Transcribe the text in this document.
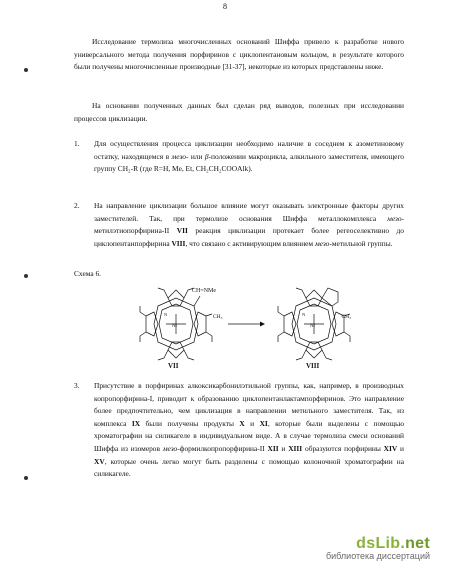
8

Исследование термолиза многочисленных оснований Шиффа привело к разработке нового универсального метода получения порфиринов с циклопентановым кольцом, в результате которого были получены многочисленные производные [31-37], некоторые из которых представлены ниже.

На основании полученных данных был сделан ряд выводов, полезных при исследовании процессов циклизации.

1. Для осуществления процесса циклизации необходимо наличие в соседнем к азометиновому остатку, находящемся в мезо- или β-положении макроцикла, алкильного заместителя, имеющего группу CH₂-R (где R=H, Me, Et, CH₂CH₂COOAlk).
2. На направление циклизации большое влияние могут оказывать электронные факторы других заместителей. Так, при термолизе основания Шиффа металлокомплекса мезо-метилэтиопорфирина-II VII реакция циклизации протекает более регеоселективно до циклопентанпорфирина VIII, что связано с активирующим влиянием мезо-метильной группы.
Схема 6.
CH=NMe
CH₃
Ni
N
VII
CH₃
Ni
N
VIII
3. Присутствие в порфиринах алкоксикарбонилэтильной группы, как, например, в производных копропорфирина-I, приводит к образованию циклопентанлактампорфиринов. Это направление более предпочтительно, чем циклизация в направлении метильного заместителя. Так, из комплекса IX были получены продукты X и XI, которые были выделены с помощью хроматографии на силикагеле в индивидуальном виде. А в случае термолиза смеси оснований Шиффа из изомеров мезо-формилкопропорфирина-II XII и XIII образуются порфирины XIV и XV, которые очень легко могут быть разделены с помощью колоночной хроматографии на силикагеле.
dsLib.net
библиотека диссертаций
